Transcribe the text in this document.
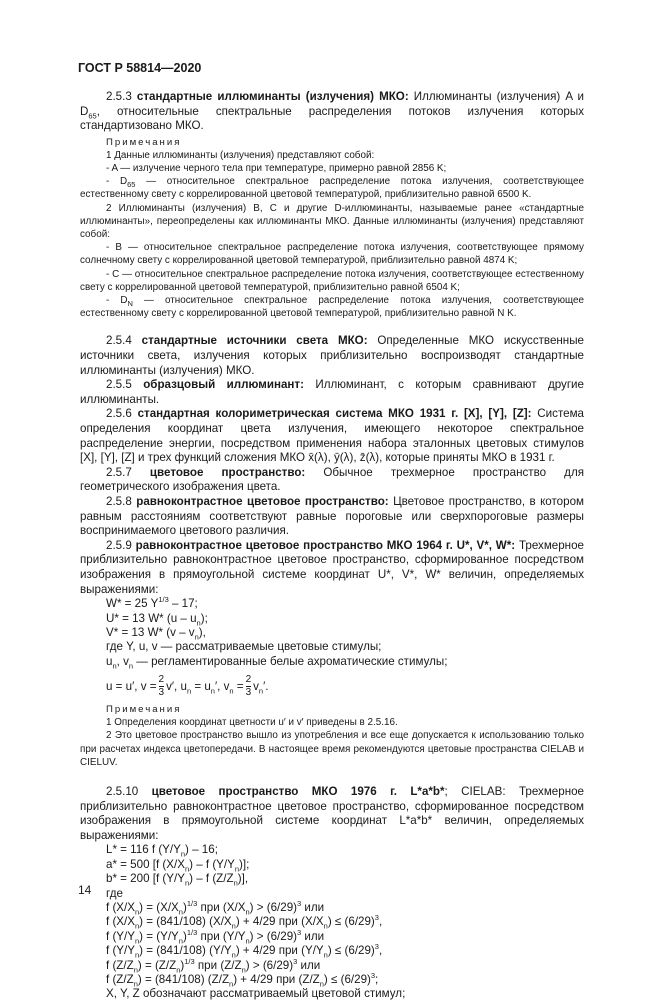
ГОСТ Р 58814—2020

2.5.3 стандартные иллюминанты (излучения) МКО: Иллюминанты (излучения) A и $D_{65}$, относительные спектральные распределения потоков излучения которых стандартизовано МКО.

Примечания

1 Данные иллюминанты (излучения) представляют собой:

- A — излучение черного тела при температуре, примерно равной 2856 K;

- $D_{65}$ — относительное спектральное распределение потока излучения, соответствующее естественному свету с коррелированной цветовой температурой, приблизительно равной 6500 K.

2 Иллюминанты (излучения) B, C и другие D-иллюминанты, называемые ранее «стандартные иллюминанты», переопределены как иллюминанты МКО. Данные иллюминанты (излучения) представляют собой:

- B — относительное спектральное распределение потока излучения, соответствующее прямому солнечному свету с коррелированной цветовой температурой, приблизительно равной 4874 K;

- C — относительное спектральное распределение потока излучения, соответствующее естественному свету с коррелированной цветовой температурой, приблизительно равной 6504 K;

- $D_N$ — относительное спектральное распределение потока излучения, соответствующее естественному свету с коррелированной цветовой температурой, приблизительно равной N K.

2.5.4 стандартные источники света МКО: Определенные МКО искусственные источники света, излучения которых приблизительно воспроизводят стандартные иллюминанты (излучения) МКО.

2.5.5 образцовый иллюминант: Иллюминант, с которым сравнивают другие иллюминанты.

2.5.6 стандартная колориметрическая система МКО 1931 г. [X], [Y], [Z]: Система определения координат цвета излучения, имеющего некоторое спектральное распределение энергии, посредством применения набора эталонных цветовых стимулов [X], [Y], [Z] и трех функций сложения МКО x̄(λ), ȳ(λ), z̄(λ), которые приняты МКО в 1931 г.

2.5.7 цветовое пространство: Обычное трехмерное пространство для геометрического изображения цвета.

2.5.8 равноконтрастное цветовое пространство: Цветовое пространство, в котором равным расстояниям соответствуют равные пороговые или сверхпороговые размеры воспринимаемого цветового различия.

2.5.9 равноконтрастное цветовое пространство МКО 1964 г. U*, V*, W*: Трехмерное приблизительно равноконтрастное цветовое пространство, сформированное посредством изображения в прямоугольной системе координат U*, V*, W* величин, определяемых выражениями:

W* = 25 $Y^{1/3} - 17$;

U* = 13 W* $(u - u_n)$;

V* = 13 W* $(v - v_n)$,

где Y, u, v — рассматриваемые цветовые стимулы;

$u_n$, $v_n$ — регламентированные белые ахроматические стимулы;

u = u′, $v = \frac{2}{3} v'$, $u_n = u_n'$, $v_n = \frac{2}{3} v_n'$.
Примечания

1 Определения координат цветности u′ и v′ приведены в 2.5.16.

2 Это цветовое пространство вышло из употребления и все еще допускается к использованию только при расчетах индекса цветопередачи. В настоящее время рекомендуются цветовые пространства CIELAB и CIELUV.

2.5.10 цветовое пространство МКО 1976 г. L*a*b*; CIELAB: Трехмерное приблизительно равноконтрастное цветовое пространство, сформированное посредством изображения в прямоугольной системе координат L*a*b* величин, определяемых выражениями:

L* = 116 f $(Y/Y_n) - 16$;

a* = 500 [f $(X/X_n)$ – f $(Y/Y_n)$];

b* = 200 [f $(Y/Y_n)$ – f $(Z/Z_n)$],

где

f $(X/X_n) = (X/X_n)^{1/3}$ при $(X/X_n) > (6/29)^3$ или

f $(X/X_n) = (841/108) (X/X_n) + 4/29$ при $(X/X_n) \le (6/29)^3$,

f $(Y/Y_n) = (Y/Y_n)^{1/3}$ при $(Y/Y_n) > (6/29)^3$ или

f $(Y/Y_n) = (841/108) (Y/Y_n) + 4/29$ при $(Y/Y_n) \le (6/29)^3$,

f $(Z/Z_n) = (Z/Z_n)^{1/3}$ при $(Z/Z_n) > (6/29)^3$ или

f $(Z/Z_n) = (841/108) (Z/Z_n) + 4/29$ при $(Z/Z_n) \le (6/29)^3$;

X, Y, Z обозначают рассматриваемый цветовой стимул;

14
